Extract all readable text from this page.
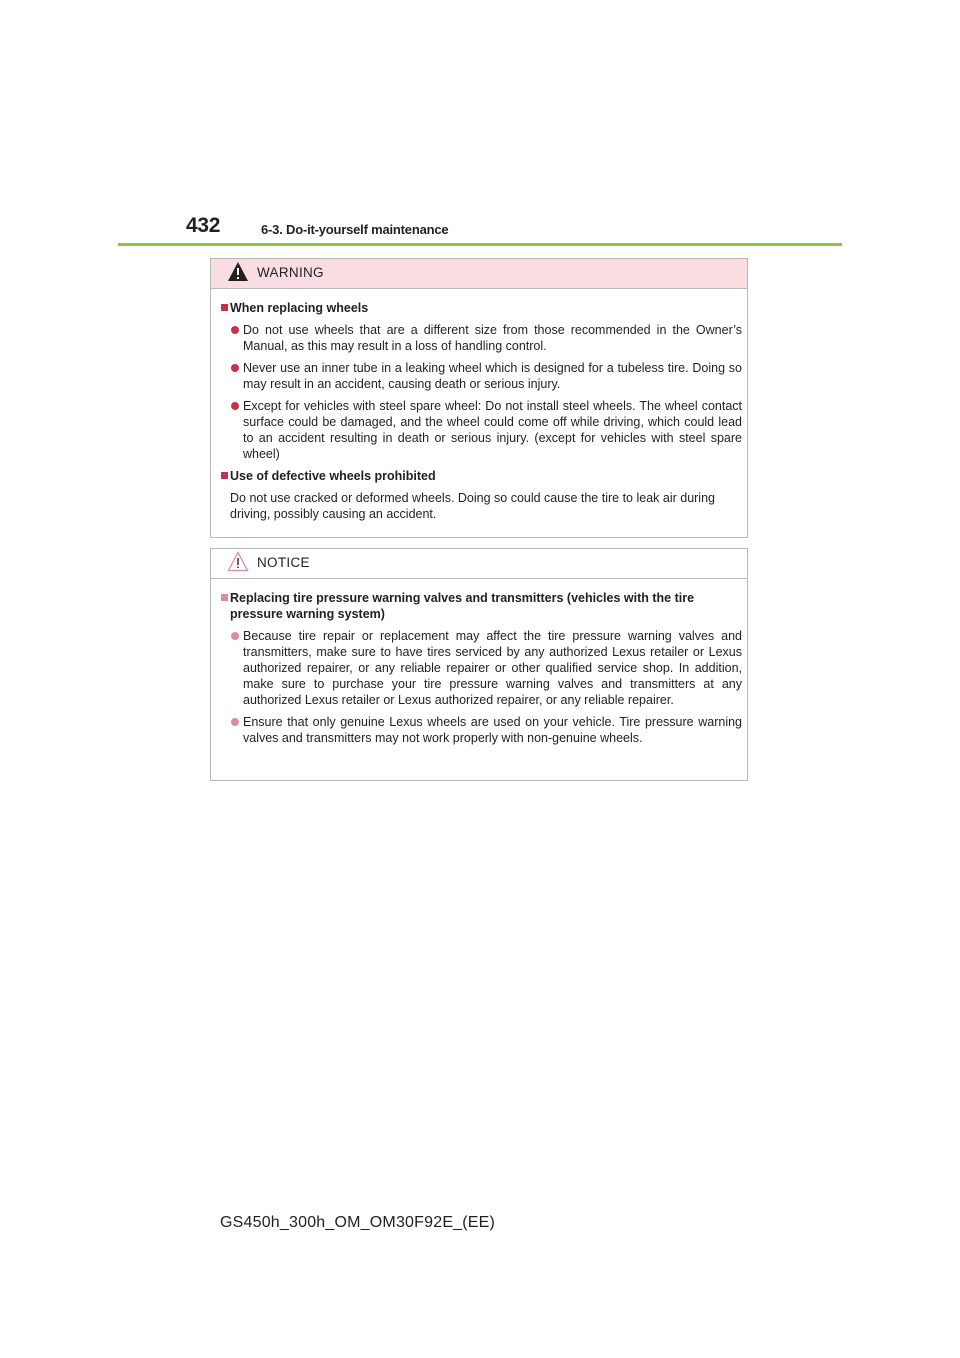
432	6-3. Do-it-yourself maintenance
WARNING
When replacing wheels
Do not use wheels that are a different size from those recommended in the Owner’s Manual, as this may result in a loss of handling control.
Never use an inner tube in a leaking wheel which is designed for a tubeless tire. Doing so may result in an accident, causing death or serious injury.
Except for vehicles with steel spare wheel: Do not install steel wheels. The wheel contact surface could be damaged, and the wheel could come off while driving, which could lead to an accident resulting in death or serious injury. (except for vehicles with steel spare wheel)
Use of defective wheels prohibited
Do not use cracked or deformed wheels. Doing so could cause the tire to leak air during driving, possibly causing an accident.
NOTICE
Replacing tire pressure warning valves and transmitters (vehicles with the tire pressure warning system)
Because tire repair or replacement may affect the tire pressure warning valves and transmitters, make sure to have tires serviced by any authorized Lexus retailer or Lexus authorized repairer, or any reliable repairer or other qualified service shop. In addition, make sure to purchase your tire pressure warning valves and transmitters at any authorized Lexus retailer or Lexus authorized repairer, or any reliable repairer.
Ensure that only genuine Lexus wheels are used on your vehicle. Tire pressure warning valves and transmitters may not work properly with non-genuine wheels.
GS450h_300h_OM_OM30F92E_(EE)
